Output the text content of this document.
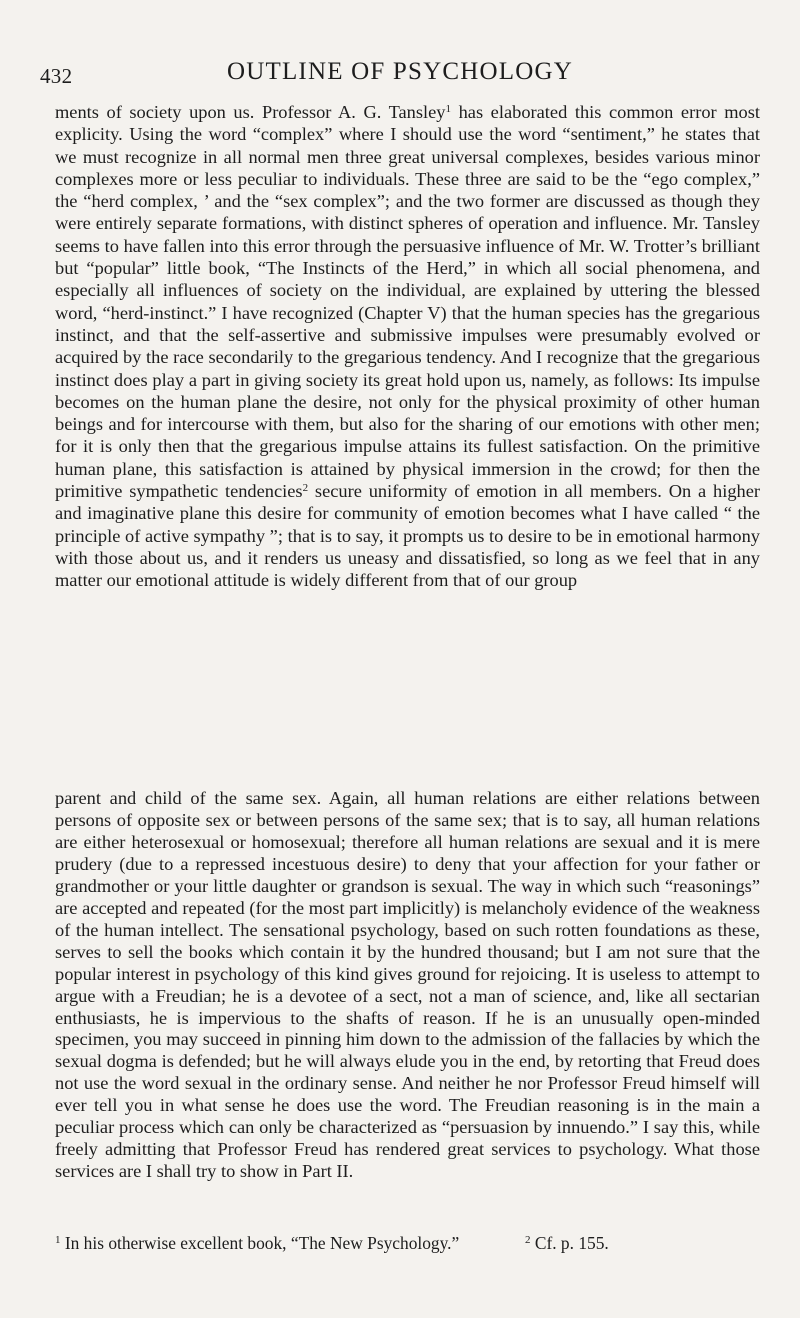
432	OUTLINE OF PSYCHOLOGY
ments of society upon us. Professor A. G. Tansley$^1$ has elaborated this common error most explicity. Using the word “complex” where I should use the word “sentiment,” he states that we must recognize in all normal men three great universal complexes, besides various minor complexes more or less peculiar to individuals. These three are said to be the “ego complex,” the “herd complex, ’ and the “sex complex”; and the two former are discussed as though they were entirely separate formations, with distinct spheres of operation and influence. Mr. Tansley seems to have fallen into this error through the persuasive influence of Mr. W. Trotter’s brilliant but “popular” little book, “The Instincts of the Herd,” in which all social phenomena, and especially all influences of society on the individual, are explained by uttering the blessed word, “herd-instinct.” I have recognized (Chapter V) that the human species has the gregarious instinct, and that the self-assertive and submissive impulses were presumably evolved or acquired by the race secondarily to the gregarious tendency. And I recognize that the gregarious instinct does play a part in giving society its great hold upon us, namely, as follows: Its impulse becomes on the human plane the desire, not only for the physical proximity of other human beings and for intercourse with them, but also for the sharing of our emotions with other men; for it is only then that the gregarious impulse attains its fullest satisfaction. On the primitive human plane, this satisfaction is attained by physical immersion in the crowd; for then the primitive sympathetic tendencies$^2$ secure uniformity of emotion in all members. On a higher and imaginative plane this desire for community of emotion becomes what I have called “ the principle of active sympathy ”; that is to say, it prompts us to desire to be in emotional harmony with those about us, and it renders us uneasy and dissatisfied, so long as we feel that in any matter our emotional attitude is widely different from that of our group
parent and child of the same sex. Again, all human relations are either relations between persons of opposite sex or between persons of the same sex; that is to say, all human relations are either heterosexual or homosexual; therefore all human relations are sexual and it is mere prudery (due to a repressed incestuous desire) to deny that your affection for your father or grandmother or your little daughter or grandson is sexual. The way in which such “reasonings” are accepted and repeated (for the most part implicitly) is melancholy evidence of the weakness of the human intellect. The sensational psychology, based on such rotten foundations as these, serves to sell the books which contain it by the hundred thousand; but I am not sure that the popular interest in psychology of this kind gives ground for rejoicing. It is useless to attempt to argue with a Freudian; he is a devotee of a sect, not a man of science, and, like all sectarian enthusiasts, he is impervious to the shafts of reason. If he is an unusually open-minded specimen, you may succeed in pinning him down to the admission of the fallacies by which the sexual dogma is defended; but he will always elude you in the end, by retorting that Freud does not use the word sexual in the ordinary sense. And neither he nor Professor Freud himself will ever tell you in what sense he does use the word. The Freudian reasoning is in the main a peculiar process which can only be characterized as “persuasion by innuendo.” I say this, while freely admitting that Professor Freud has rendered great services to psychology. What those services are I shall try to show in Part II.
$^1$ In his otherwise excellent book, “The New Psychology.”	$^2$ Cf. p. 155.
